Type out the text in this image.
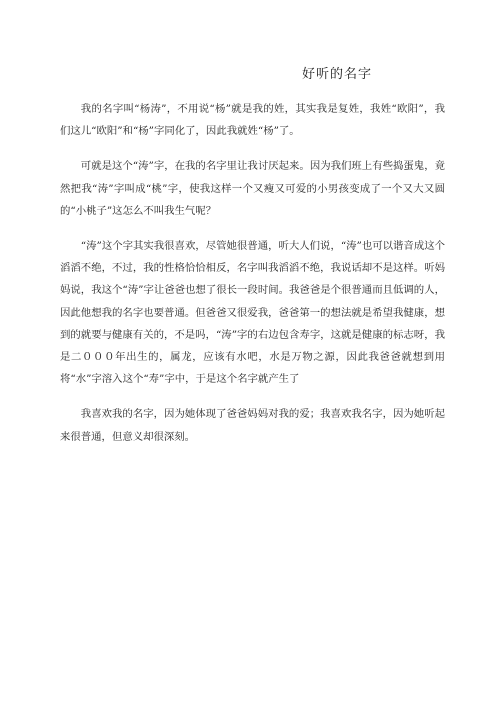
好听的名字

我的名字叫“杨涛”，不用说“杨”就是我的姓，其实我是复姓，我姓“欧阳”，我们这儿“欧阳”和“杨”字同化了，因此我就姓“杨”了。

可就是这个“涛”字，在我的名字里让我讨厌起来。因为我们班上有些捣蛋鬼，竟然把我“涛”字叫成“桃”字，使我这样一个又瘦又可爱的小男孩变成了一个又大又圆的“小桃子”这怎么不叫我生气呢？

“涛”这个字其实我很喜欢，尽管她很普通，听大人们说，“涛”也可以谐音成这个滔滔不绝，不过，我的性格恰恰相反，名字叫我滔滔不绝，我说话却不是这样。听妈妈说，我这个“涛”字让爸爸也想了很长一段时间。我爸爸是个很普通而且低调的人，因此他想我的名字也要普通。但爸爸又很爱我，爸爸第一的想法就是希望我健康，想到的就要与健康有关的，不是吗，“涛”字的右边包含寿字，这就是健康的标志呀，我是二０００年出生的，属龙，应该有水吧，水是万物之源，因此我爸爸就想到用将“水”字溶入这个“寿”字中，于是这个名字就产生了

我喜欢我的名字，因为她体现了爸爸妈妈对我的爱；我喜欢我名字，因为她听起来很普通，但意义却很深刻。
